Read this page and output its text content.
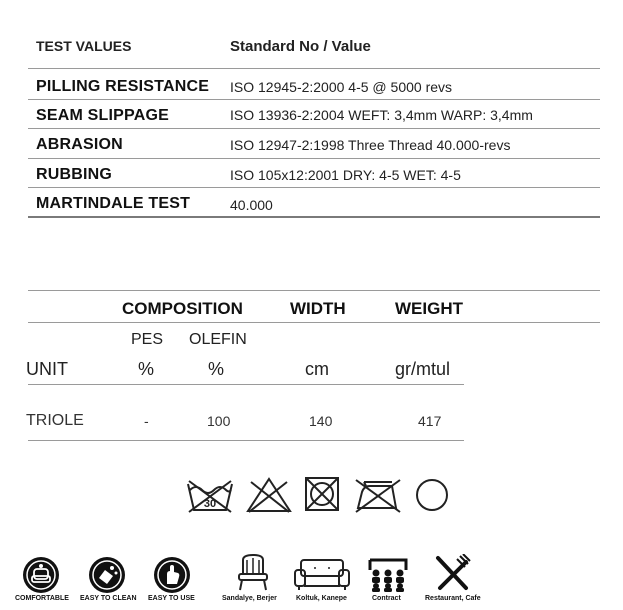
TEST VALUES	Standard No / Value
PILLING RESISTANCE ISO 12945-2:2000 4-5 @ 5000 revs
SEAM SLIPPAGE	ISO 13936-2:2004 WEFT: 3,4mm WARP: 3,4mm
ABRASION	ISO 12947-2:1998 Three Thread 40.000-revs
RUBBING	ISO 105x12:2001 DRY: 4-5 WET: 4-5
MARTINDALE TEST	40.000
COMPOSITION	WIDTH	WEIGHT
PES OLEFIN
UNIT	%	%	cm	gr/mtul
TRIOLE	-	100	140	417
30
COMFORTABLE EASY TO CLEAN EASY TO USE	Sandalye, Berjer	Koltuk, Kanepe	Contract	Restaurant, Cafe
